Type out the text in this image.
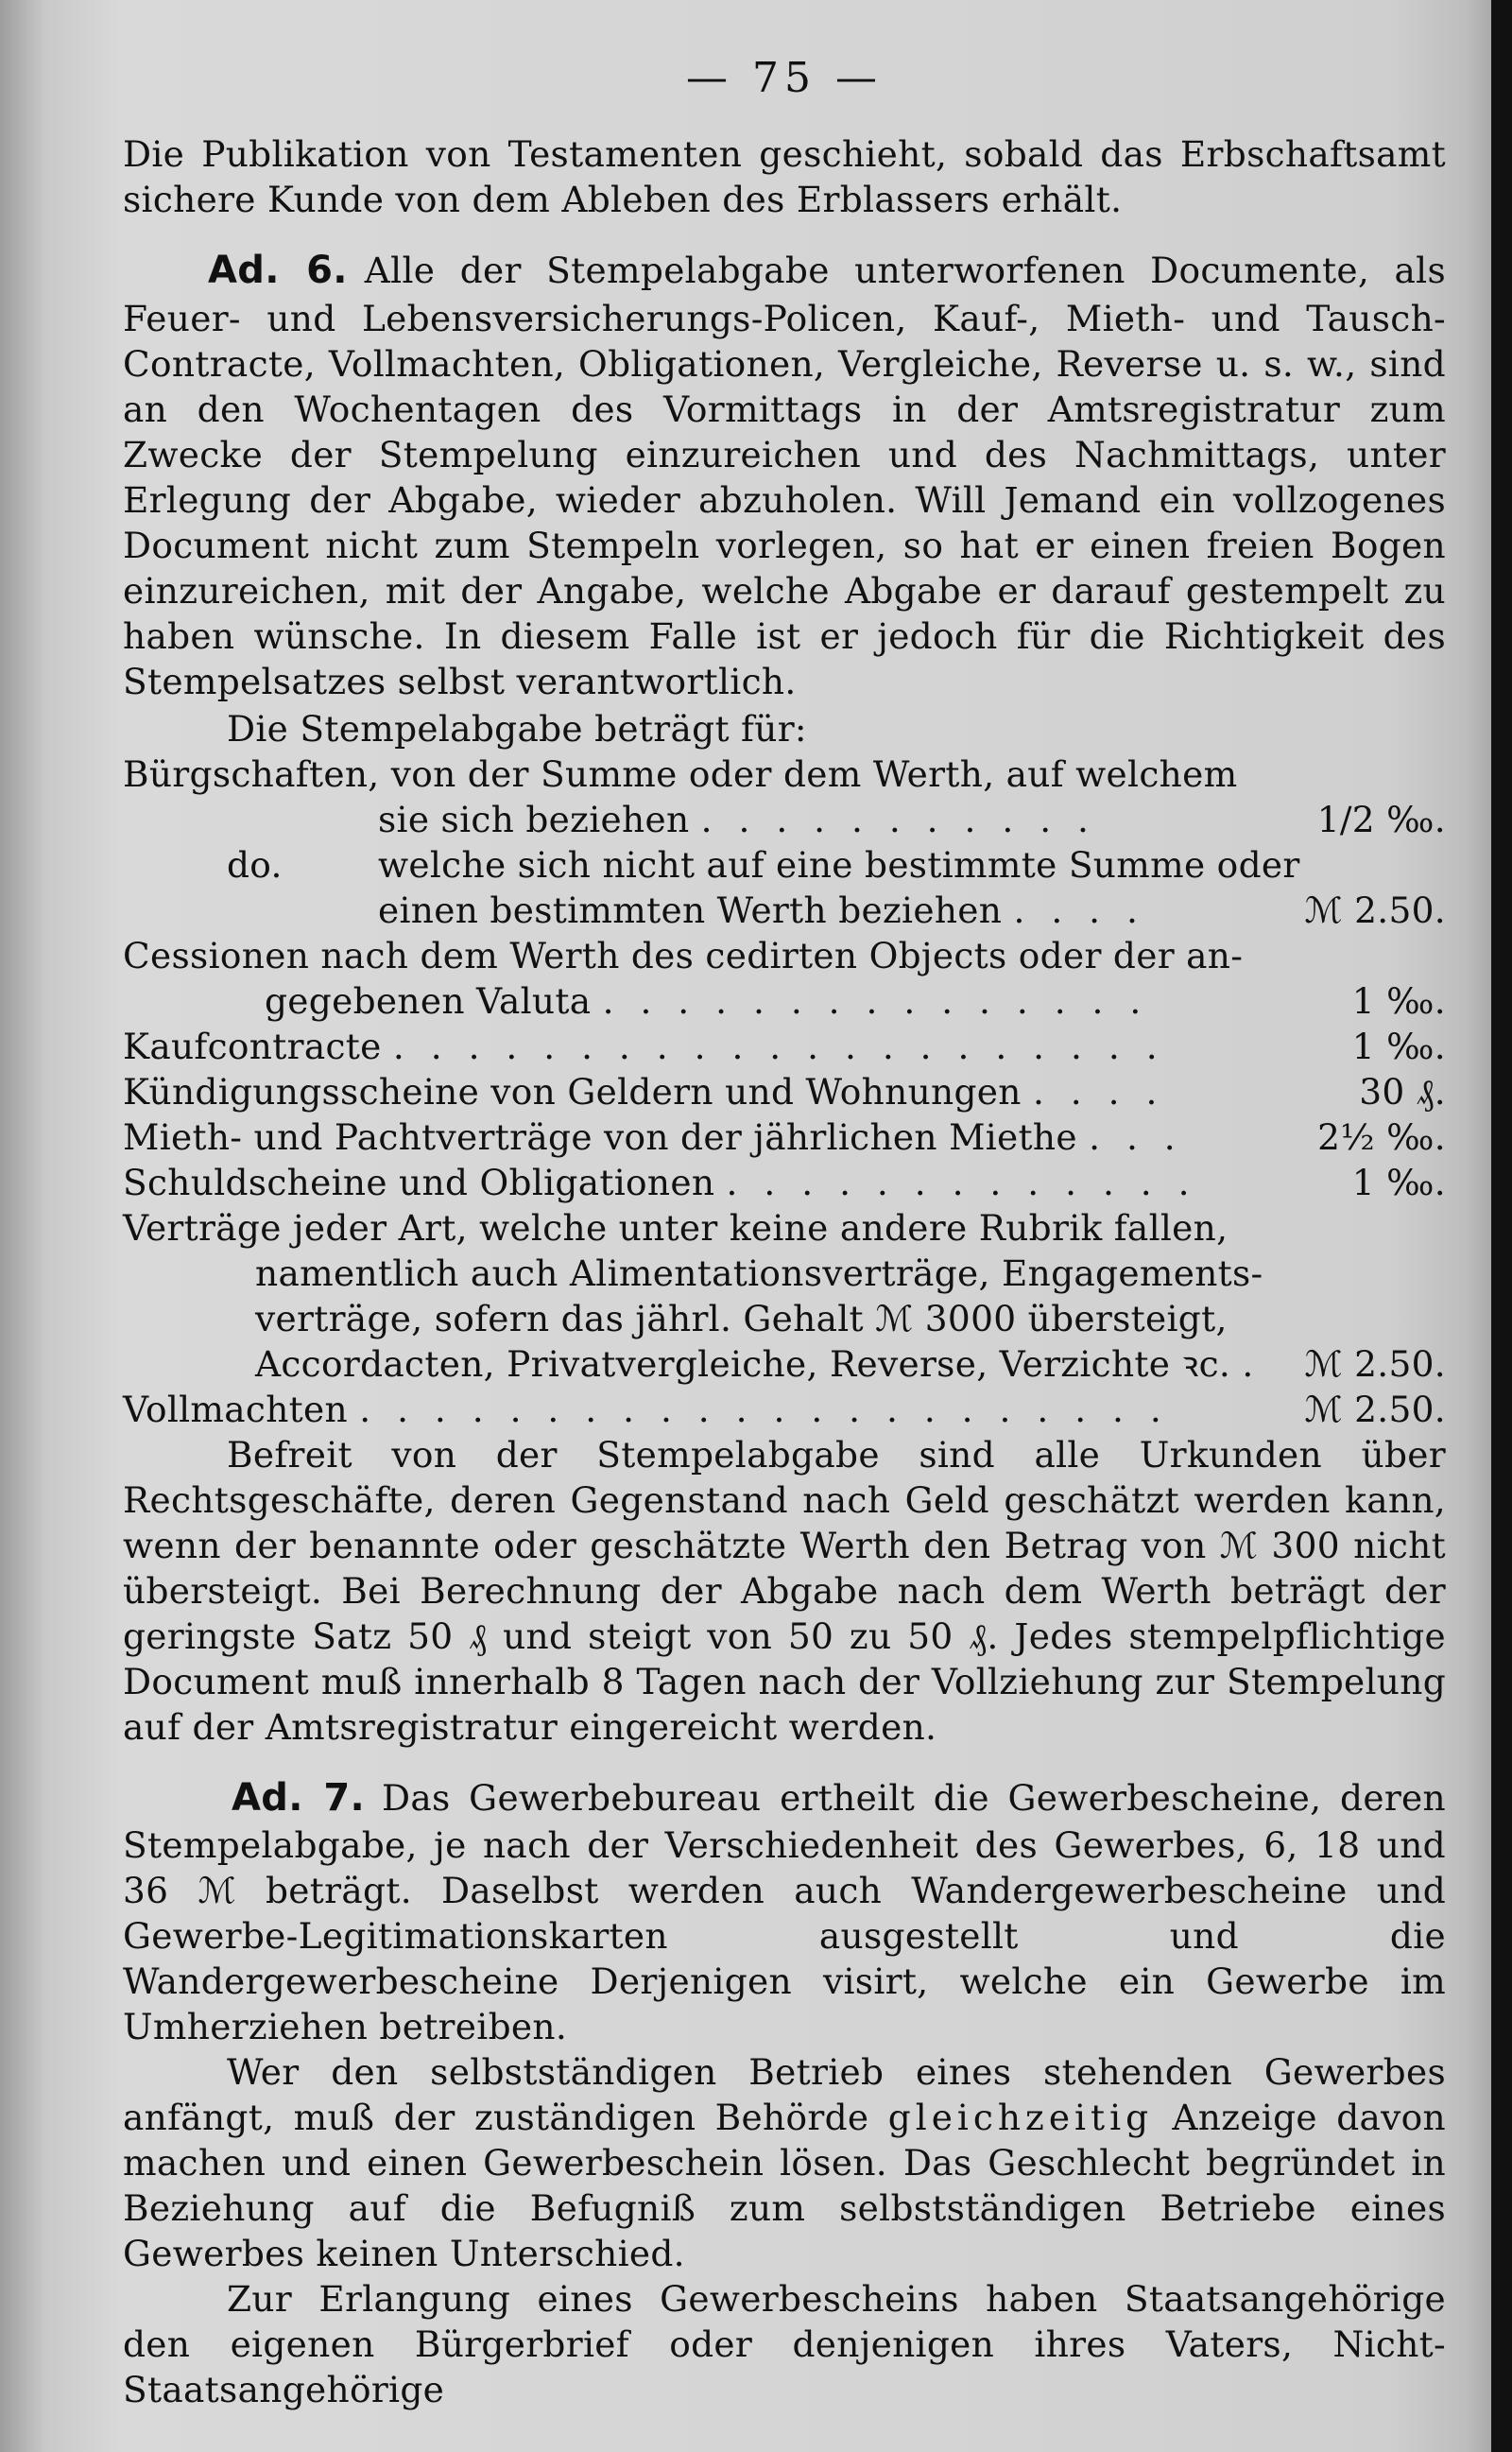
— 75 —

Die Publikation von Testamenten geschieht, sobald das Erbschaftsamt sichere Kunde von dem Ableben des Erblassers erhält.

Ad. 6. Alle der Stempelabgabe unterworfenen Documente, als Feuer- und Lebensversicherungs-Policen, Kauf-, Mieth- und Tausch-Contracte, Vollmachten, Obligationen, Vergleiche, Reverse u. s. w., sind an den Wochentagen des Vormittags in der Amtsregistratur zum Zwecke der Stempelung einzureichen und des Nachmittags, unter Erlegung der Abgabe, wieder abzuholen. Will Jemand ein vollzogenes Document nicht zum Stempeln vorlegen, so hat er einen freien Bogen einzureichen, mit der Angabe, welche Abgabe er darauf gestempelt zu haben wünsche. In diesem Falle ist er jedoch für die Richtigkeit des Stempelsatzes selbst verantwortlich.

Die Stempelabgabe beträgt für:

Bürgschaften, von der Summe oder dem Werth, auf welchem	
sie sich beziehen . . . . . . . . . . .	1/2 ‰.
do. welche sich nicht auf eine bestimmte Summe oder	
einen bestimmten Werth beziehen . . . .	ℳ 2.50.
Cessionen nach dem Werth des cedirten Objects oder der an-	
gegebenen Valuta . . . . . . . . . . . . . . .	1 ‰.
Kaufcontracte . . . . . . . . . . . . . . . . . . . . .	1 ‰.
Kündigungsscheine von Geldern und Wohnungen . . . .	30 ₰.
Mieth- und Pachtverträge von der jährlichen Miethe . . .	2½ ‰.
Schuldscheine und Obligationen . . . . . . . . . . . . .	1 ‰.
Verträge jeder Art, welche unter keine andere Rubrik fallen,	
namentlich auch Alimentationsverträge, Engagements-	
verträge, sofern das jährl. Gehalt ℳ 3000 übersteigt,	
Accordacten, Privatvergleiche, Reverse, Verzichte ꝛc. .	ℳ 2.50.
Vollmachten . . . . . . . . . . . . . . . . . . . . . .	ℳ 2.50.

Befreit von der Stempelabgabe sind alle Urkunden über Rechtsgeschäfte, deren Gegenstand nach Geld geschätzt werden kann, wenn der benannte oder geschätzte Werth den Betrag von ℳ 300 nicht übersteigt. Bei Berechnung der Abgabe nach dem Werth beträgt der geringste Satz 50 ₰ und steigt von 50 zu 50 ₰. Jedes stempelpflichtige Document muß innerhalb 8 Tagen nach der Vollziehung zur Stempelung auf der Amtsregistratur eingereicht werden.

Ad. 7. Das Gewerbebureau ertheilt die Gewerbescheine, deren Stempelabgabe, je nach der Verschiedenheit des Gewerbes, 6, 18 und 36 ℳ beträgt. Daselbst werden auch Wandergewerbescheine und Gewerbe-Legitimationskarten ausgestellt und die Wandergewerbescheine Derjenigen visirt, welche ein Gewerbe im Umherziehen betreiben.

Wer den selbstständigen Betrieb eines stehenden Gewerbes anfängt, muß der zuständigen Behörde gleichzeitig Anzeige davon machen und einen Gewerbeschein lösen. Das Geschlecht begründet in Beziehung auf die Befugniß zum selbstständigen Betriebe eines Gewerbes keinen Unterschied.

Zur Erlangung eines Gewerbescheins haben Staatsangehörige den eigenen Bürgerbrief oder denjenigen ihres Vaters, Nicht-Staatsangehörige
